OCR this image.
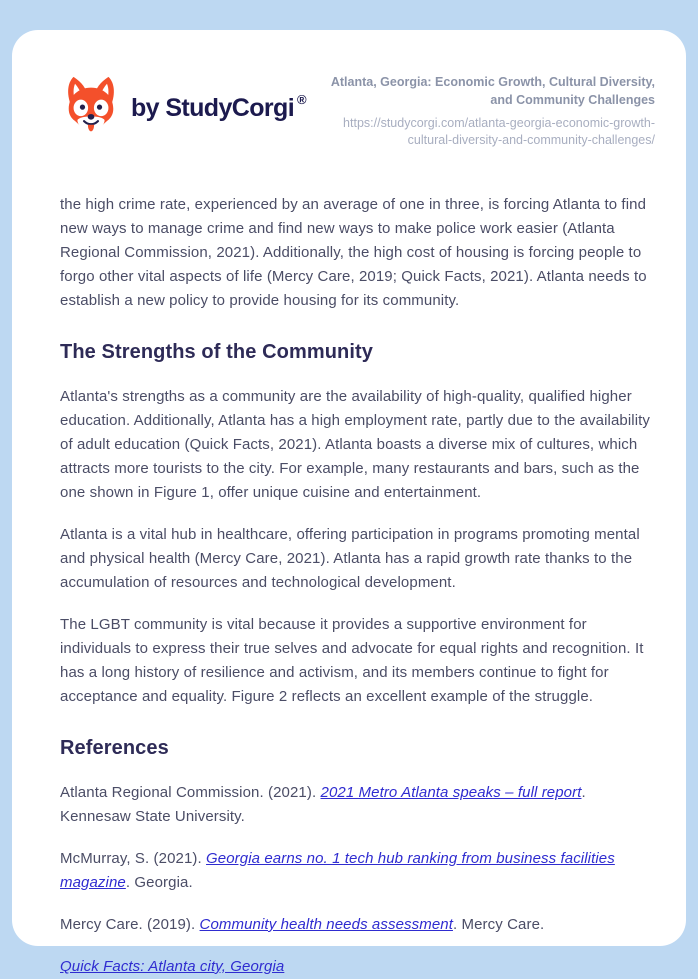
by StudyCorgi ®
Atlanta, Georgia: Economic Growth, Cultural Diversity, and Community Challenges
https://studycorgi.com/atlanta-georgia-economic-growth-cultural-diversity-and-community-challenges/

the high crime rate, experienced by an average of one in three, is forcing Atlanta to find new ways to manage crime and find new ways to make police work easier (Atlanta Regional Commission, 2021). Additionally, the high cost of housing is forcing people to forgo other vital aspects of life (Mercy Care, 2019; Quick Facts, 2021). Atlanta needs to establish a new policy to provide housing for its community.

The Strengths of the Community

Atlanta's strengths as a community are the availability of high-quality, qualified higher education. Additionally, Atlanta has a high employment rate, partly due to the availability of adult education (Quick Facts, 2021). Atlanta boasts a diverse mix of cultures, which attracts more tourists to the city. For example, many restaurants and bars, such as the one shown in Figure 1, offer unique cuisine and entertainment.

Atlanta is a vital hub in healthcare, offering participation in programs promoting mental and physical health (Mercy Care, 2021). Atlanta has a rapid growth rate thanks to the accumulation of resources and technological development.

The LGBT community is vital because it provides a supportive environment for individuals to express their true selves and advocate for equal rights and recognition. It has a long history of resilience and activism, and its members continue to fight for acceptance and equality. Figure 2 reflects an excellent example of the struggle.

References

Atlanta Regional Commission. (2021). 2021 Metro Atlanta speaks – full report. Kennesaw State University.

McMurray, S. (2021). Georgia earns no. 1 tech hub ranking from business facilities magazine. Georgia.

Mercy Care. (2019). Community health needs assessment. Mercy Care.

Quick Facts: Atlanta city, Georgia
